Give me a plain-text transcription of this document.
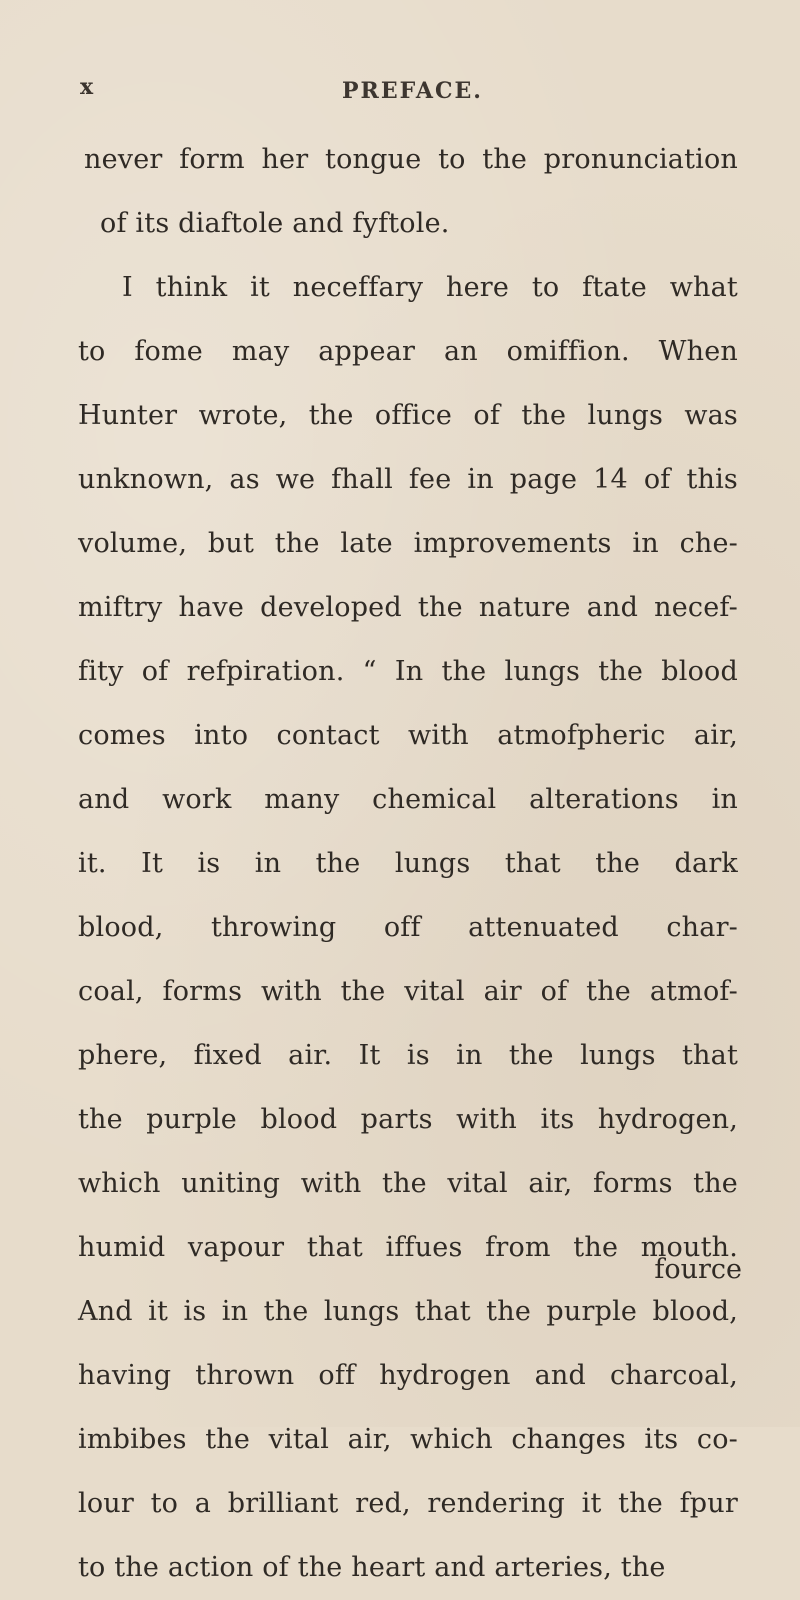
x	PREFACE.
never form her tongue to the pronunciation
of its diaftole and fyftole.
I think it neceffary here to ftate what
to fome may appear an omiffion. When
Hunter wrote, the office of the lungs was
unknown, as we fhall fee in page 14 of this
volume, but the late improvements in che-
miftry have developed the nature and necef-
fity of refpiration. “ In the lungs the blood
comes into contact with atmofpheric air,
and work many chemical alterations in
it. It is in the lungs that the dark
blood, throwing off attenuated char-
coal, forms with the vital air of the atmof-
phere, fixed air. It is in the lungs that
the purple blood parts with its hydrogen,
which uniting with the vital air, forms the
humid vapour that iffues from the mouth.
And it is in the lungs that the purple blood,
having thrown off hydrogen and charcoal,
imbibes the vital air, which changes its co-
lour to a brilliant red, rendering it the fpur
to the action of the heart and arteries, the
fource
